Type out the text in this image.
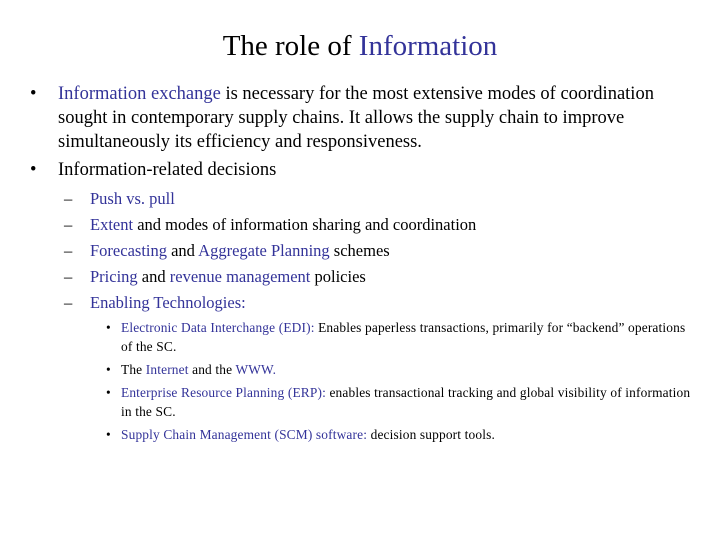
The role of Information
• Information exchange is necessary for the most extensive modes of coordination sought in contemporary supply chains. It allows the supply chain to improve simultaneously its efficiency and responsiveness.
• Information-related decisions
– Push vs. pull
– Extent and modes of information sharing and coordination
– Forecasting and Aggregate Planning schemes
– Pricing and revenue management policies
– Enabling Technologies:
• Electronic Data Interchange (EDI): Enables paperless transactions, primarily for “backend” operations of the SC.
• The Internet and the WWW.
• Enterprise Resource Planning (ERP): enables transactional tracking and global visibility of information in the SC.
• Supply Chain Management (SCM) software: decision support tools.
